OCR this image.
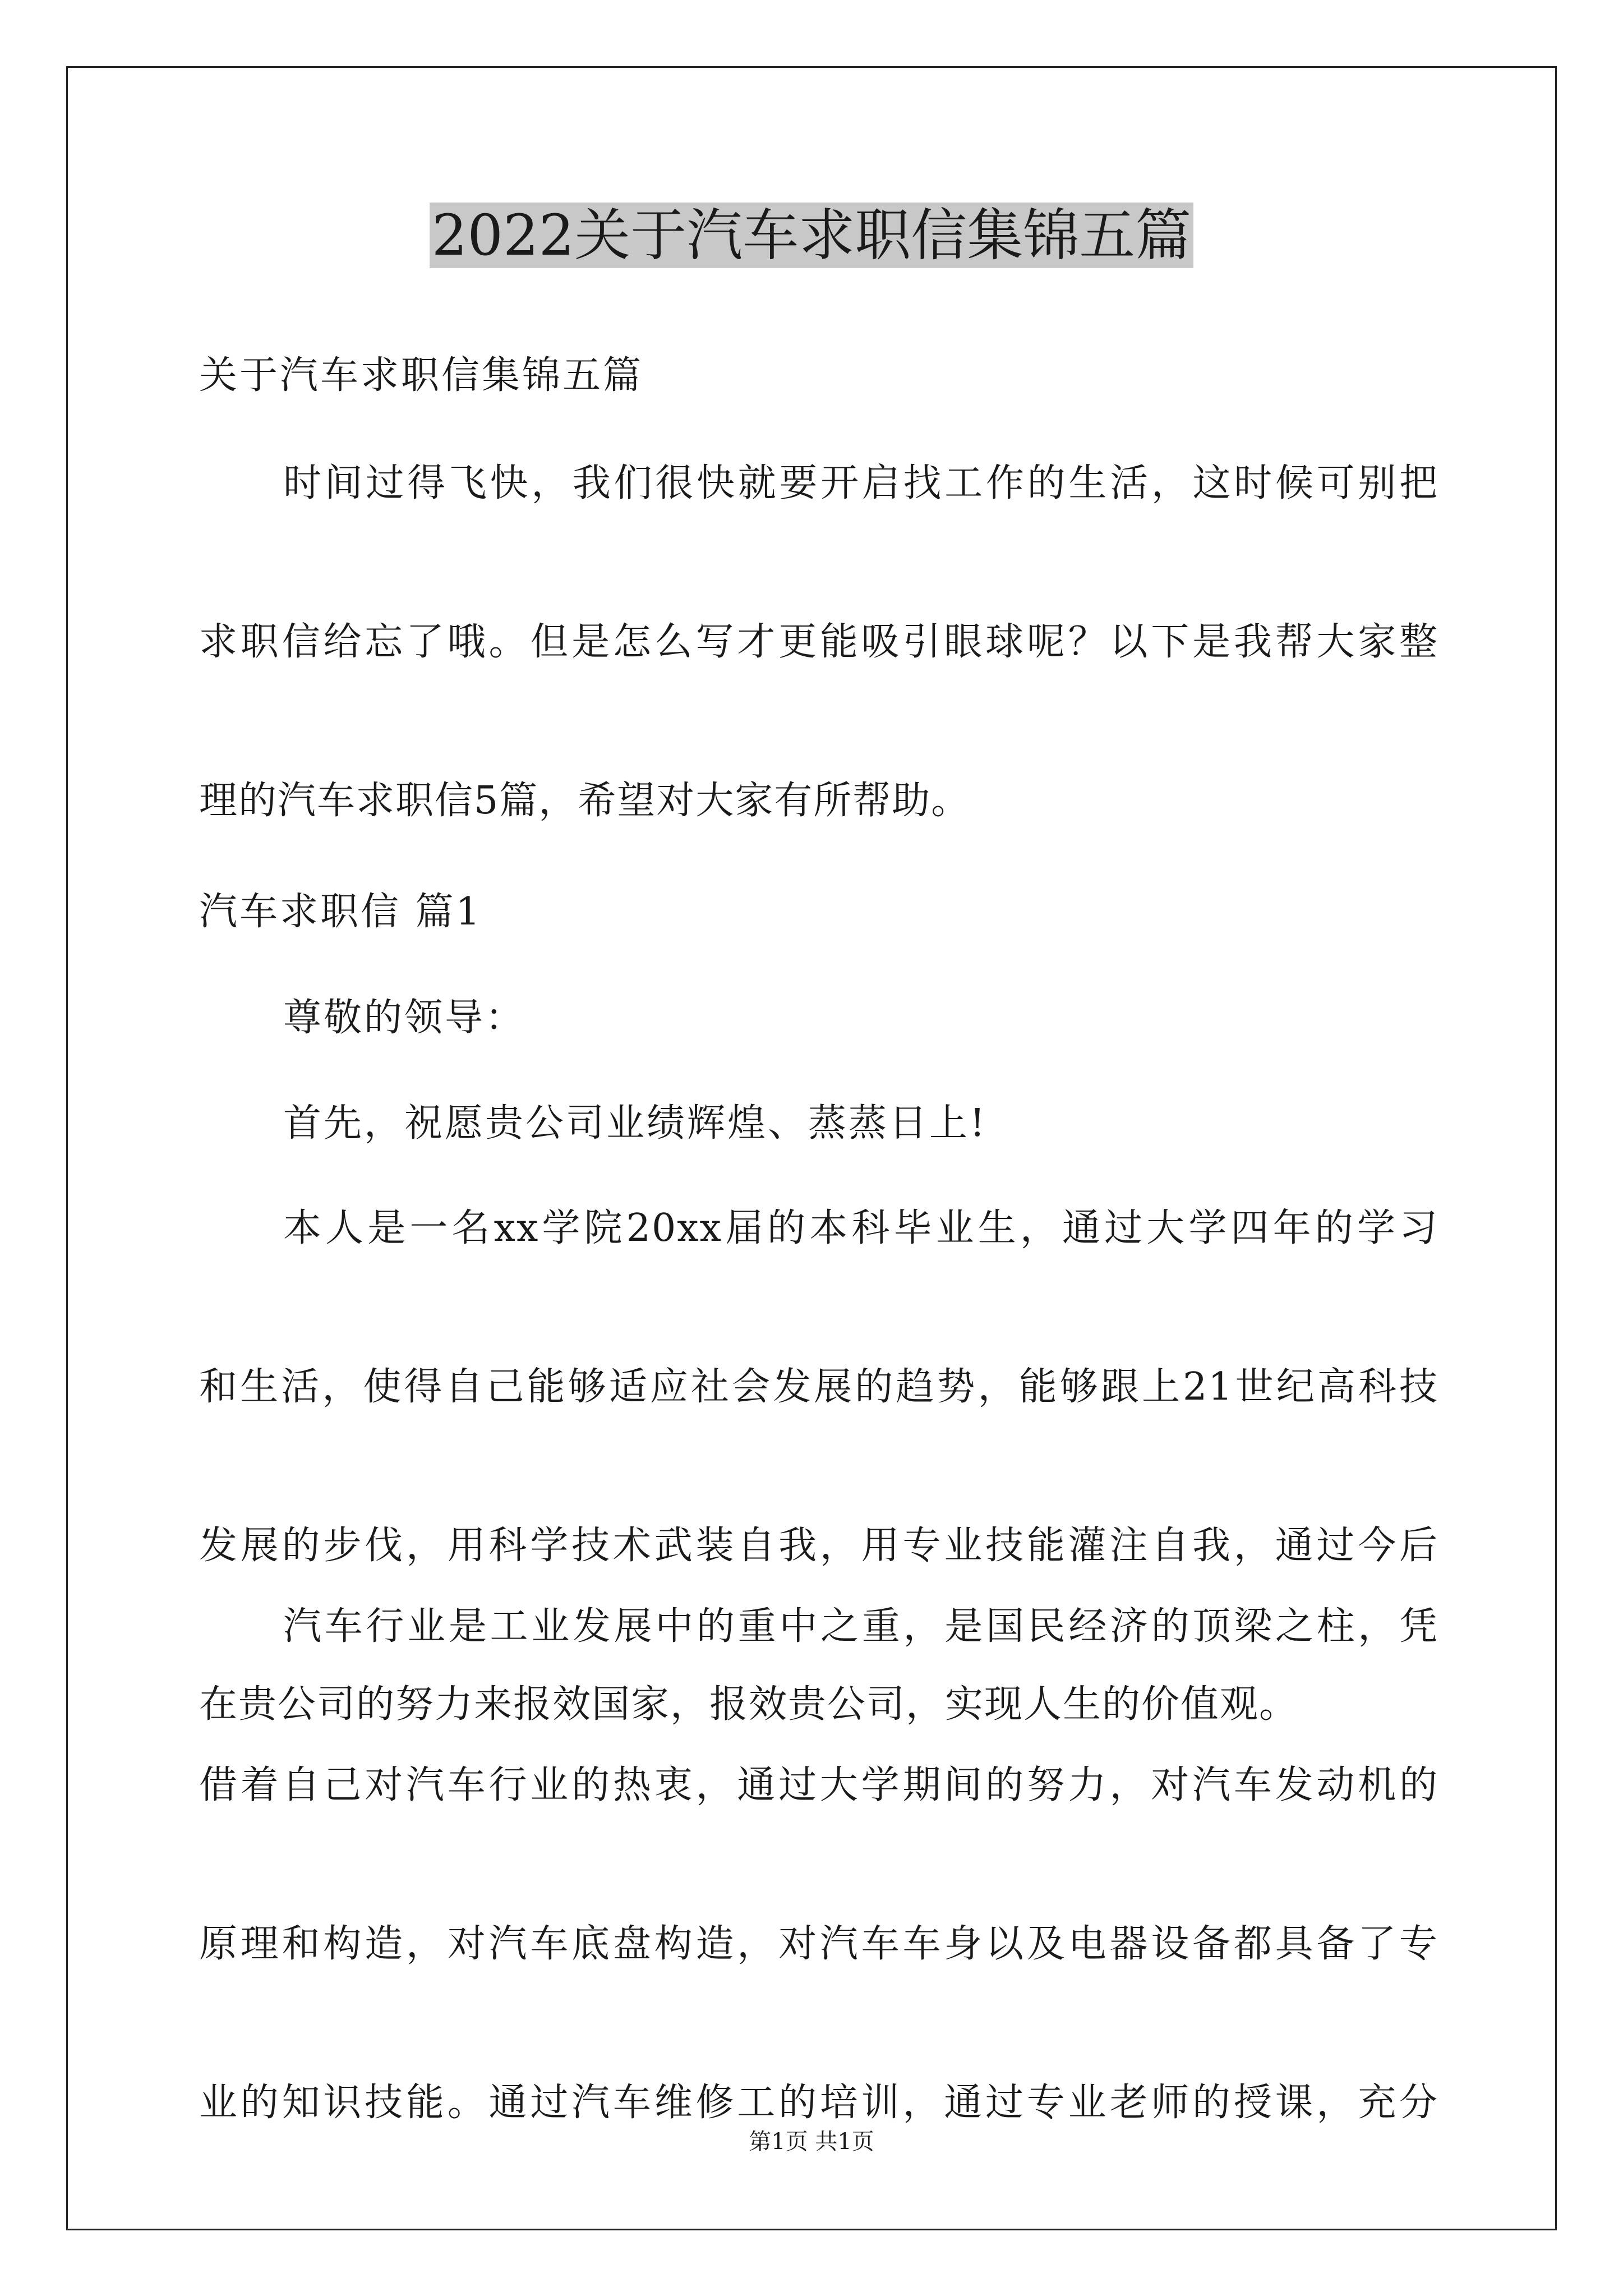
2022关于汽车求职信集锦五篇

关于汽车求职信集锦五篇

时间过得飞快，我们很快就要开启找工作的生活，这时候可别把
求职信给忘了哦。但是怎么写才更能吸引眼球呢？以下是我帮大家整
理的汽车求职信5篇，希望对大家有所帮助。

汽车求职信 篇1

尊敬的领导：

首先，祝愿贵公司业绩辉煌、蒸蒸日上!

本人是一名xx学院20xx届的本科毕业生，通过大学四年的学习
和生活，使得自己能够适应社会发展的趋势，能够跟上21世纪高科技
发展的步伐，用科学技术武装自我，用专业技能灌注自我，通过今后
在贵公司的努力来报效国家，报效贵公司，实现人生的价值观。
汽车行业是工业发展中的重中之重，是国民经济的顶梁之柱，凭
借着自己对汽车行业的热衷，通过大学期间的努力，对汽车发动机的
原理和构造，对汽车底盘构造，对汽车车身以及电器设备都具备了专
业的知识技能。通过汽车维修工的培训，通过专业老师的授课，充分

第1页 共1页
